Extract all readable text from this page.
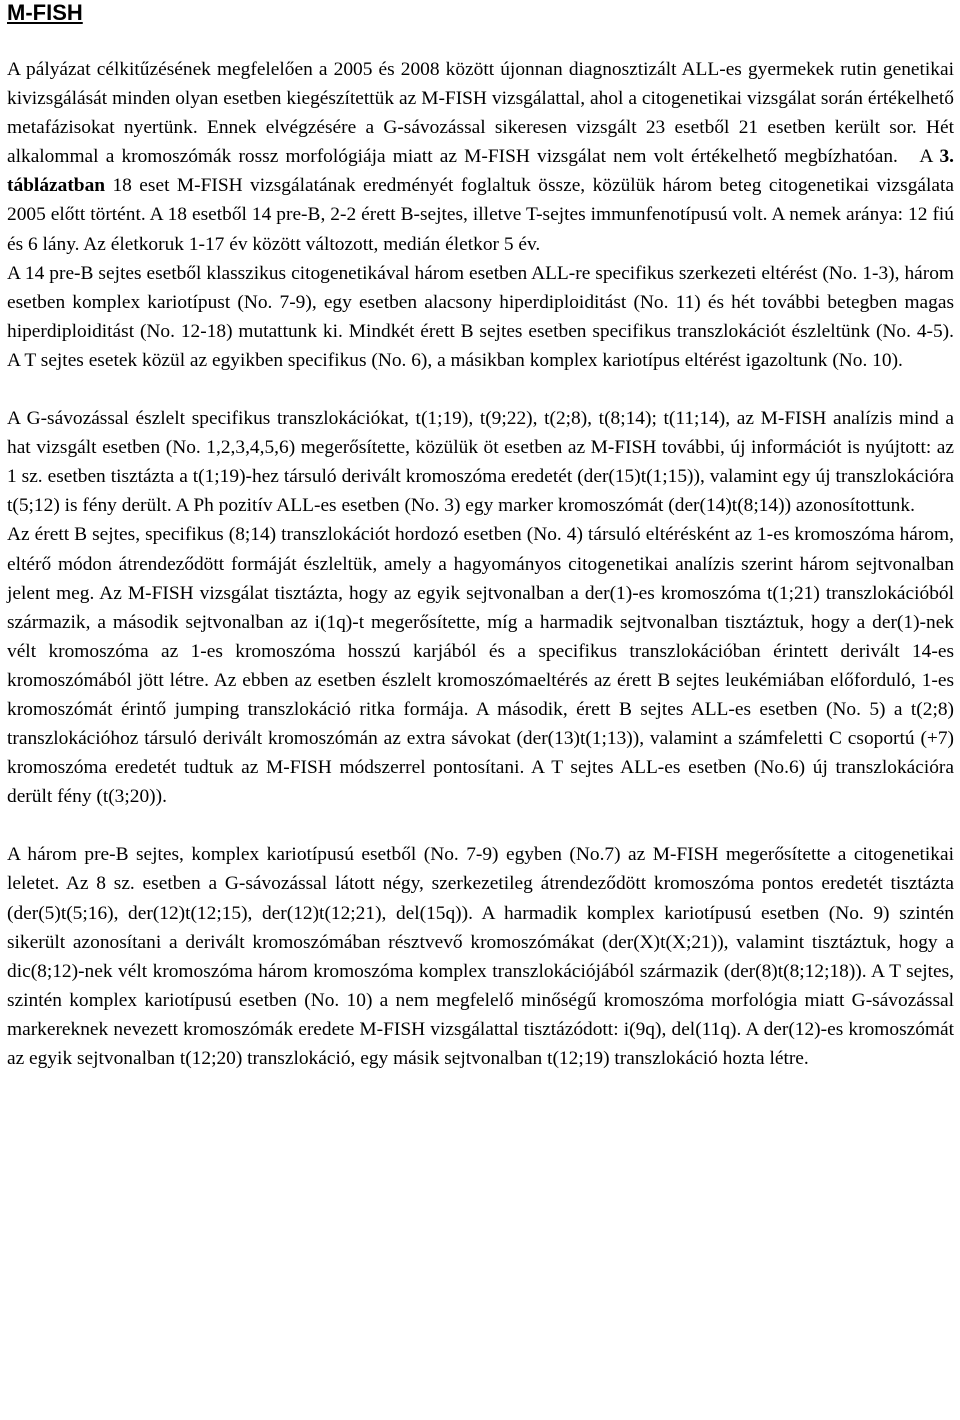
M-FISH

A pályázat célkitűzésének megfelelően a 2005 és 2008 között újonnan diagnosztizált ALL-es gyermekek rutin genetikai kivizsgálását minden olyan esetben kiegészítettük az M-FISH vizsgálattal, ahol a citogenetikai vizsgálat során értékelhető metafázisokat nyertünk. Ennek elvégzésére a G-sávozással sikeresen vizsgált 23 esetből 21 esetben került sor. Hét alkalommal a kromoszómák rossz morfológiája miatt az M-FISH vizsgálat nem volt értékelhető megbízhatóan. A 3. táblázatban 18 eset M-FISH vizsgálatának eredményét foglaltuk össze, közülük három beteg citogenetikai vizsgálata 2005 előtt történt. A 18 esetből 14 pre-B, 2-2 érett B-sejtes, illetve T-sejtes immunfenotípusú volt. A nemek aránya: 12 fiú és 6 lány. Az életkoruk 1-17 év között változott, medián életkor 5 év.

A 14 pre-B sejtes esetből klasszikus citogenetikával három esetben ALL-re specifikus szerkezeti eltérést (No. 1-3), három esetben komplex kariotípust (No. 7-9), egy esetben alacsony hiperdiploiditást (No. 11) és hét további betegben magas hiperdiploiditást (No. 12-18) mutattunk ki. Mindkét érett B sejtes esetben specifikus transzlokációt észleltünk (No. 4-5). A T sejtes esetek közül az egyikben specifikus (No. 6), a másikban komplex kariotípus eltérést igazoltunk (No. 10).

A G-sávozással észlelt specifikus transzlokációkat, t(1;19), t(9;22), t(2;8), t(8;14); t(11;14), az M-FISH analízis mind a hat vizsgált esetben (No. 1,2,3,4,5,6) megerősítette, közülük öt esetben az M-FISH további, új információt is nyújtott: az 1 sz. esetben tisztázta a t(1;19)-hez társuló derivált kromoszóma eredetét (der(15)t(1;15)), valamint egy új transzlokációra t(5;12) is fény derült. A Ph pozitív ALL-es esetben (No. 3) egy marker kromoszómát (der(14)t(8;14)) azonosítottunk.

Az érett B sejtes, specifikus (8;14) transzlokációt hordozó esetben (No. 4) társuló eltérésként az 1-es kromoszóma három, eltérő módon átrendeződött formáját észleltük, amely a hagyományos citogenetikai analízis szerint három sejtvonalban jelent meg. Az M-FISH vizsgálat tisztázta, hogy az egyik sejtvonalban a der(1)-es kromoszóma t(1;21) transzlokációból származik, a második sejtvonalban az i(1q)-t megerősítette, míg a harmadik sejtvonalban tisztáztuk, hogy a der(1)-nek vélt kromoszóma az 1-es kromoszóma hosszú karjából és a specifikus transzlokációban érintett derivált 14-es kromoszómából jött létre. Az ebben az esetben észlelt kromoszómaeltérés az érett B sejtes leukémiában előforduló, 1-es kromoszómát érintő jumping transzlokáció ritka formája. A második, érett B sejtes ALL-es esetben (No. 5) a t(2;8) transzlokációhoz társuló derivált kromoszómán az extra sávokat (der(13)t(1;13)), valamint a számfeletti C csoportú (+7) kromoszóma eredetét tudtuk az M-FISH módszerrel pontosítani. A T sejtes ALL-es esetben (No.6) új transzlokációra derült fény (t(3;20)).

A három pre-B sejtes, komplex kariotípusú esetből (No. 7-9) egyben (No.7) az M-FISH megerősítette a citogenetikai leletet. Az 8 sz. esetben a G-sávozással látott négy, szerkezetileg átrendeződött kromoszóma pontos eredetét tisztázta (der(5)t(5;16), der(12)t(12;15), der(12)t(12;21), del(15q)). A harmadik komplex kariotípusú esetben (No. 9) szintén sikerült azonosítani a derivált kromoszómában résztvevő kromoszómákat (der(X)t(X;21)), valamint tisztáztuk, hogy a dic(8;12)-nek vélt kromoszóma három kromoszóma komplex transzlokációjából származik (der(8)t(8;12;18)). A T sejtes, szintén komplex kariotípusú esetben (No. 10) a nem megfelelő minőségű kromoszóma morfológia miatt G-sávozással markereknek nevezett kromoszómák eredete M-FISH vizsgálattal tisztázódott: i(9q), del(11q). A der(12)-es kromoszómát az egyik sejtvonalban t(12;20) transzlokáció, egy másik sejtvonalban t(12;19) transzlokáció hozta létre.
